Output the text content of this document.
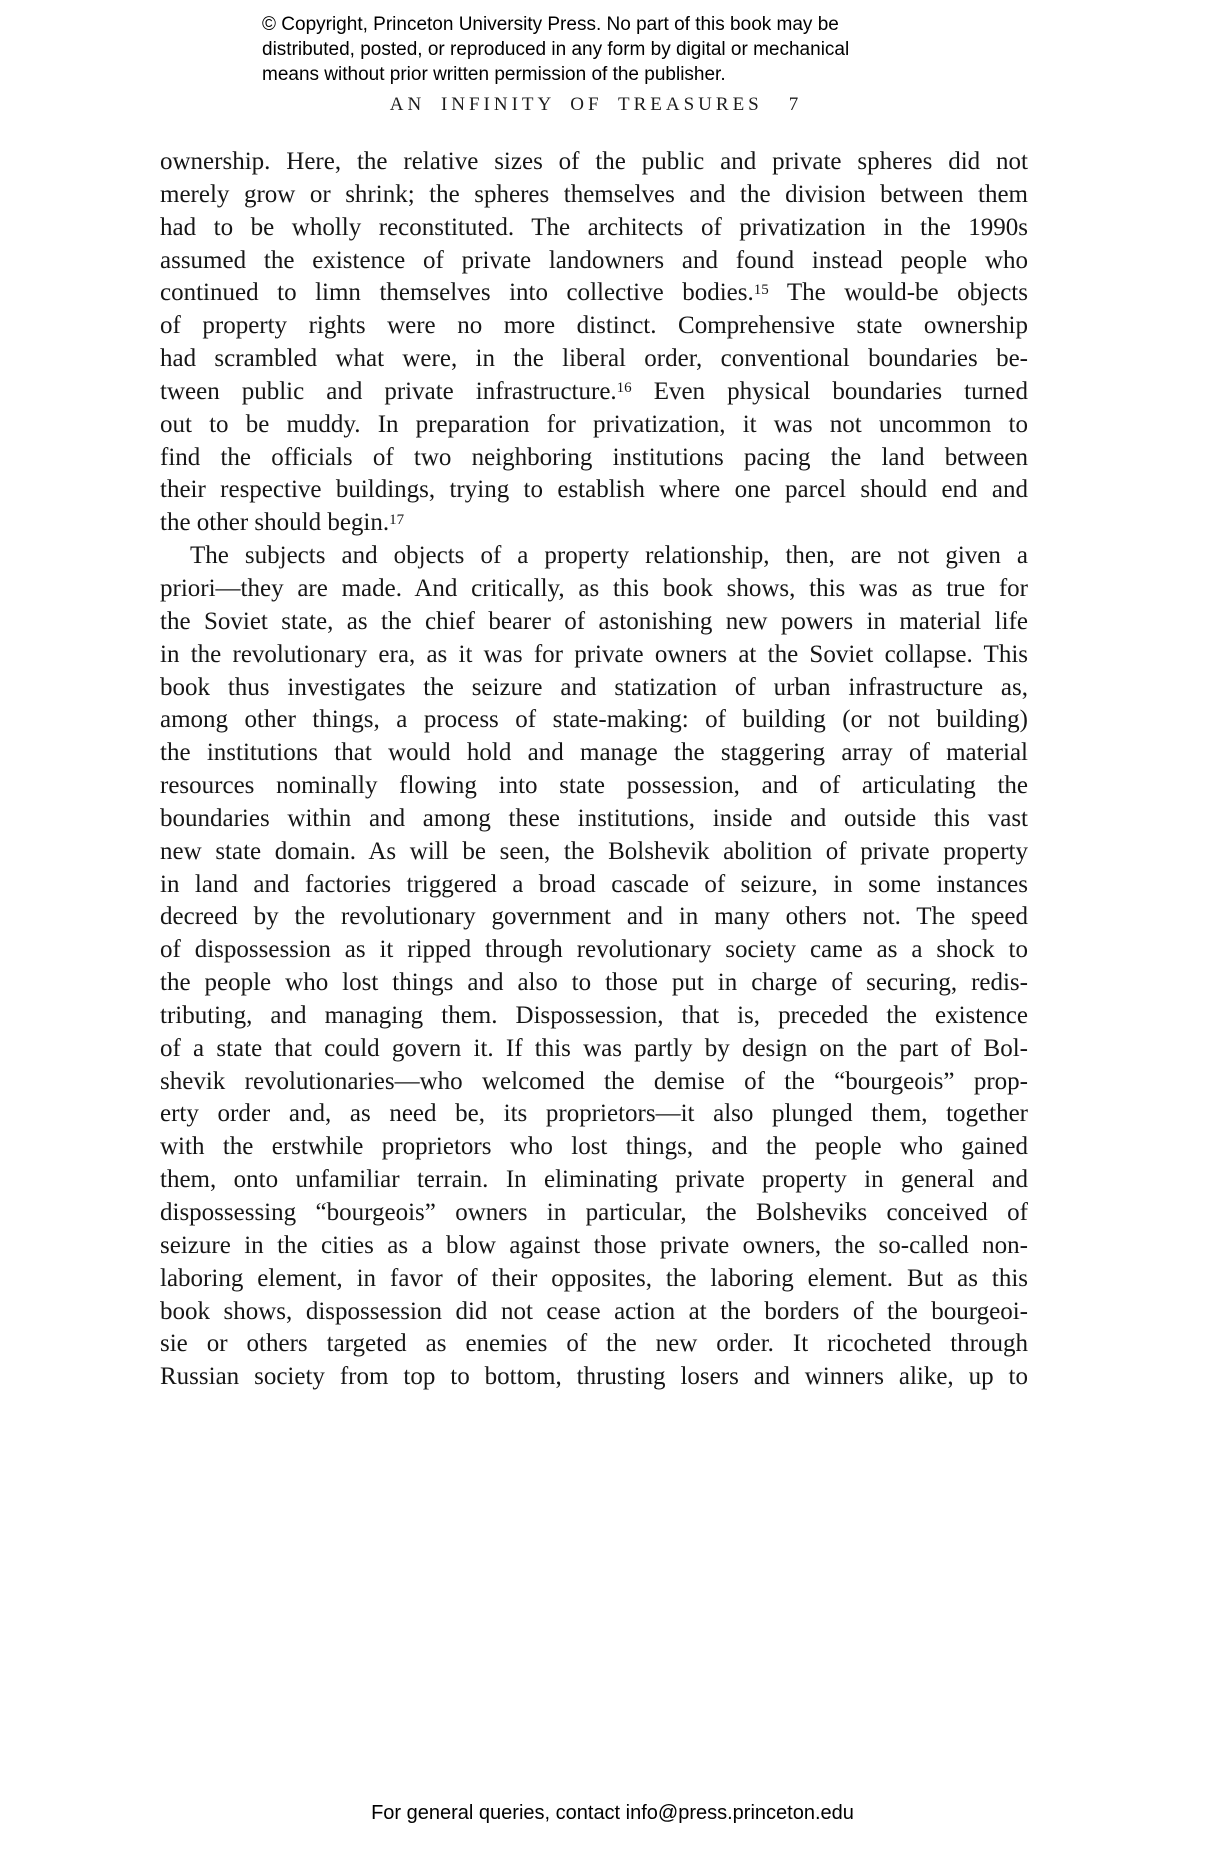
© Copyright, Princeton University Press. No part of this book may be
distributed, posted, or reproduced in any form by digital or mechanical
means without prior written permission of the publisher.
AN INFINITY OF TREASURES 7
ownership. Here, the relative sizes of the public and private spheres did not
merely grow or shrink; the spheres themselves and the division between them
had to be wholly reconstituted. The architects of privatization in the 1990s
assumed the existence of private landowners and found instead people who
continued to limn themselves into collective bodies.$^{15}$ The would-be objects
of property rights were no more distinct. Comprehensive state ownership
had scrambled what were, in the liberal order, conventional boundaries be-
tween public and private infrastructure.$^{16}$ Even physical boundaries turned
out to be muddy. In preparation for privatization, it was not uncommon to
find the officials of two neighboring institutions pacing the land between
their respective buildings, trying to establish where one parcel should end and
the other should begin.$^{17}$
The subjects and objects of a property relationship, then, are not given a
priori—they are made. And critically, as this book shows, this was as true for
the Soviet state, as the chief bearer of astonishing new powers in material life
in the revolutionary era, as it was for private owners at the Soviet collapse. This
book thus investigates the seizure and statization of urban infrastructure as,
among other things, a process of state-making: of building (or not building)
the institutions that would hold and manage the staggering array of material
resources nominally flowing into state possession, and of articulating the
boundaries within and among these institutions, inside and outside this vast
new state domain. As will be seen, the Bolshevik abolition of private property
in land and factories triggered a broad cascade of seizure, in some instances
decreed by the revolutionary government and in many others not. The speed
of dispossession as it ripped through revolutionary society came as a shock to
the people who lost things and also to those put in charge of securing, redis-
tributing, and managing them. Dispossession, that is, preceded the existence
of a state that could govern it. If this was partly by design on the part of Bol-
shevik revolutionaries—who welcomed the demise of the “bourgeois” prop-
erty order and, as need be, its proprietors—it also plunged them, together
with the erstwhile proprietors who lost things, and the people who gained
them, onto unfamiliar terrain. In eliminating private property in general and
dispossessing “bourgeois” owners in particular, the Bolsheviks conceived of
seizure in the cities as a blow against those private owners, the so-called non-
laboring element, in favor of their opposites, the laboring element. But as this
book shows, dispossession did not cease action at the borders of the bourgeoi-
sie or others targeted as enemies of the new order. It ricocheted through
Russian society from top to bottom, thrusting losers and winners alike, up to
For general queries, contact info@press.princeton.edu
